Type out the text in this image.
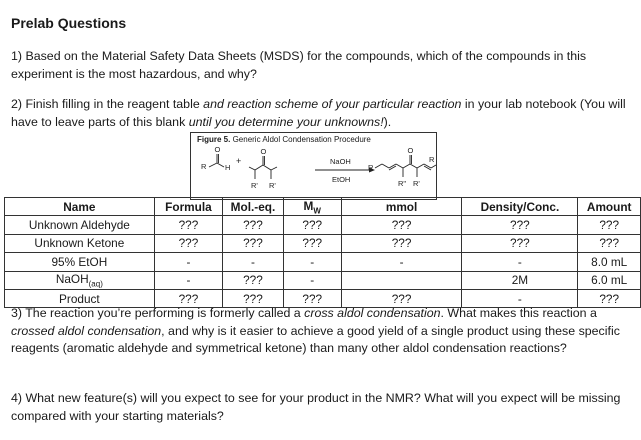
Prelab Questions
1) Based on the Material Safety Data Sheets (MSDS) for the compounds, which of the compounds in this experiment is the most hazardous, and why?
2) Finish filling in the reagent table and reaction scheme of your particular reaction in your lab notebook (You will have to leave parts of this blank until you determine your unknowns!).
Figure 5. Generic Aldol Condensation Procedure
R H
O
+
O
R' R'
NaOH
EtOH
R
O
R" R'
R
Name	Formula	Mol.-eq.	$M_W$	mmol	Density/Conc.	Amount
Unknown Aldehyde	???	???	???	???	???	???
Unknown Ketone	???	???	???	???	???	???
95% EtOH	-	-	-	-	-	8.0 mL
NaOH$_{(aq)}$	-	???	-		2M	6.0 mL
Product	???	???	???	???	-	???
3) The reaction you’re performing is formerly called a cross aldol condensation. What makes this reaction a crossed aldol condensation, and why is it easier to achieve a good yield of a single product using these specific reagents (aromatic aldehyde and symmetrical ketone) than many other aldol condensation reactions?
4) What new feature(s) will you expect to see for your product in the NMR? What will you expect will be missing compared with your starting materials?
